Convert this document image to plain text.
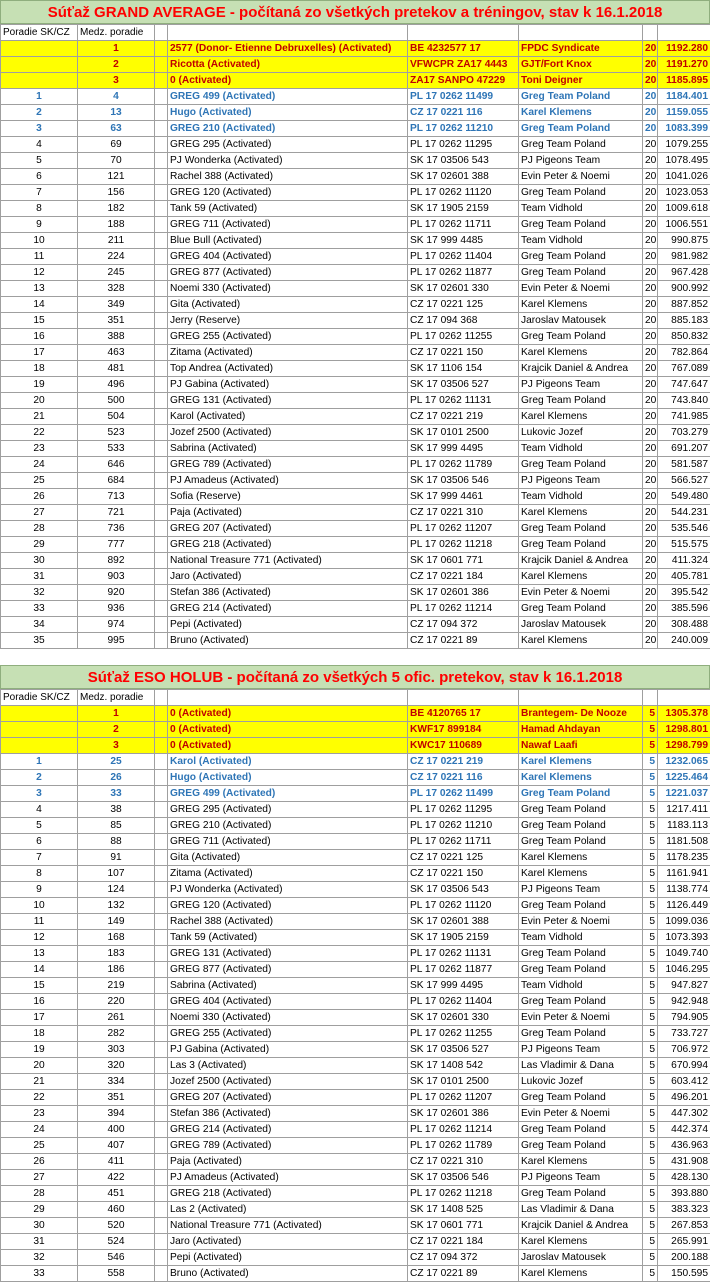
Súťaž GRAND AVERAGE - počítaná zo všetkých pretekov a tréningov, stav k 16.1.2018
Poradie SK/CZ	Medz. poradie						
	1		2577 (Donor- Etienne Debruxelles) (Activated)	BE 4232577 17	FPDC Syndicate	20	1192.280
	2		Ricotta (Activated)	VFWCPR ZA17 4443	GJT/Fort Knox	20	1191.270
	3		0 (Activated)	ZA17 SANPO 47229	Toni Deigner	20	1185.895
1	4		GREG 499 (Activated)	PL 17 0262 11499	Greg Team Poland	20	1184.401
2	13		Hugo (Activated)	CZ 17 0221 116	Karel Klemens	20	1159.055
3	63		GREG 210 (Activated)	PL 17 0262 11210	Greg Team Poland	20	1083.399
4	69		GREG 295 (Activated)	PL 17 0262 11295	Greg Team Poland	20	1079.255
5	70		PJ Wonderka (Activated)	SK 17 03506 543	PJ Pigeons Team	20	1078.495
6	121		Rachel 388 (Activated)	SK 17 02601 388	Evin Peter & Noemi	20	1041.026
7	156		GREG 120 (Activated)	PL 17 0262 11120	Greg Team Poland	20	1023.053
8	182		Tank 59 (Activated)	SK 17 1905 2159	Team Vidhold	20	1009.618
9	188		GREG 711 (Activated)	PL 17 0262 11711	Greg Team Poland	20	1006.551
10	211		Blue Bull (Activated)	SK 17 999 4485	Team Vidhold	20	990.875
11	224		GREG 404 (Activated)	PL 17 0262 11404	Greg Team Poland	20	981.982
12	245		GREG 877 (Activated)	PL 17 0262 11877	Greg Team Poland	20	967.428
13	328		Noemi 330 (Activated)	SK 17 02601 330	Evin Peter & Noemi	20	900.992
14	349		Gita (Activated)	CZ 17 0221 125	Karel Klemens	20	887.852
15	351		Jerry (Reserve)	CZ 17 094 368	Jaroslav Matousek	20	885.183
16	388		GREG 255 (Activated)	PL 17 0262 11255	Greg Team Poland	20	850.832
17	463		Zitama (Activated)	CZ 17 0221 150	Karel Klemens	20	782.864
18	481		Top Andrea (Activated)	SK 17 1106 154	Krajcik Daniel & Andrea	20	767.089
19	496		PJ Gabina (Activated)	SK 17 03506 527	PJ Pigeons Team	20	747.647
20	500		GREG 131 (Activated)	PL 17 0262 11131	Greg Team Poland	20	743.840
21	504		Karol (Activated)	CZ 17 0221 219	Karel Klemens	20	741.985
22	523		Jozef 2500 (Activated)	SK 17 0101 2500	Lukovic Jozef	20	703.279
23	533		Sabrina (Activated)	SK 17 999 4495	Team Vidhold	20	691.207
24	646		GREG 789 (Activated)	PL 17 0262 11789	Greg Team Poland	20	581.587
25	684		PJ Amadeus (Activated)	SK 17 03506 546	PJ Pigeons Team	20	566.527
26	713		Sofia (Reserve)	SK 17 999 4461	Team Vidhold	20	549.480
27	721		Paja (Activated)	CZ 17 0221 310	Karel Klemens	20	544.231
28	736		GREG 207 (Activated)	PL 17 0262 11207	Greg Team Poland	20	535.546
29	777		GREG 218 (Activated)	PL 17 0262 11218	Greg Team Poland	20	515.575
30	892		National Treasure 771 (Activated)	SK 17 0601 771	Krajcik Daniel & Andrea	20	411.324
31	903		Jaro (Activated)	CZ 17 0221 184	Karel Klemens	20	405.781
32	920		Stefan 386 (Activated)	SK 17 02601 386	Evin Peter & Noemi	20	395.542
33	936		GREG 214 (Activated)	PL 17 0262 11214	Greg Team Poland	20	385.596
34	974		Pepi (Activated)	CZ 17 094 372	Jaroslav Matousek	20	308.488
35	995		Bruno (Activated)	CZ 17 0221 89	Karel Klemens	20	240.009
Súťaž ESO HOLUB - počítaná zo všetkých 5 ofic. pretekov, stav k 16.1.2018
Poradie SK/CZ	Medz. poradie						
	1		0 (Activated)	BE 4120765 17	Brantegem- De Nooze	5	1305.378
	2		0 (Activated)	KWF17 899184	Hamad Ahdayan	5	1298.801
	3		0 (Activated)	KWC17 110689	Nawaf Laafi	5	1298.799
1	25		Karol (Activated)	CZ 17 0221 219	Karel Klemens	5	1232.065
2	26		Hugo (Activated)	CZ 17 0221 116	Karel Klemens	5	1225.464
3	33		GREG 499 (Activated)	PL 17 0262 11499	Greg Team Poland	5	1221.037
4	38		GREG 295 (Activated)	PL 17 0262 11295	Greg Team Poland	5	1217.411
5	85		GREG 210 (Activated)	PL 17 0262 11210	Greg Team Poland	5	1183.113
6	88		GREG 711 (Activated)	PL 17 0262 11711	Greg Team Poland	5	1181.508
7	91		Gita (Activated)	CZ 17 0221 125	Karel Klemens	5	1178.235
8	107		Zitama (Activated)	CZ 17 0221 150	Karel Klemens	5	1161.941
9	124		PJ Wonderka (Activated)	SK 17 03506 543	PJ Pigeons Team	5	1138.774
10	132		GREG 120 (Activated)	PL 17 0262 11120	Greg Team Poland	5	1126.449
11	149		Rachel 388 (Activated)	SK 17 02601 388	Evin Peter & Noemi	5	1099.036
12	168		Tank 59 (Activated)	SK 17 1905 2159	Team Vidhold	5	1073.393
13	183		GREG 131 (Activated)	PL 17 0262 11131	Greg Team Poland	5	1049.740
14	186		GREG 877 (Activated)	PL 17 0262 11877	Greg Team Poland	5	1046.295
15	219		Sabrina (Activated)	SK 17 999 4495	Team Vidhold	5	947.827
16	220		GREG 404 (Activated)	PL 17 0262 11404	Greg Team Poland	5	942.948
17	261		Noemi 330 (Activated)	SK 17 02601 330	Evin Peter & Noemi	5	794.905
18	282		GREG 255 (Activated)	PL 17 0262 11255	Greg Team Poland	5	733.727
19	303		PJ Gabina (Activated)	SK 17 03506 527	PJ Pigeons Team	5	706.972
20	320		Las 3 (Activated)	SK 17 1408 542	Las Vladimir & Dana	5	670.994
21	334		Jozef 2500 (Activated)	SK 17 0101 2500	Lukovic Jozef	5	603.412
22	351		GREG 207 (Activated)	PL 17 0262 11207	Greg Team Poland	5	496.201
23	394		Stefan 386 (Activated)	SK 17 02601 386	Evin Peter & Noemi	5	447.302
24	400		GREG 214 (Activated)	PL 17 0262 11214	Greg Team Poland	5	442.374
25	407		GREG 789 (Activated)	PL 17 0262 11789	Greg Team Poland	5	436.963
26	411		Paja (Activated)	CZ 17 0221 310	Karel Klemens	5	431.908
27	422		PJ Amadeus (Activated)	SK 17 03506 546	PJ Pigeons Team	5	428.130
28	451		GREG 218 (Activated)	PL 17 0262 11218	Greg Team Poland	5	393.880
29	460		Las 2 (Activated)	SK 17 1408 525	Las Vladimir & Dana	5	383.323
30	520		National Treasure 771 (Activated)	SK 17 0601 771	Krajcik Daniel & Andrea	5	267.853
31	524		Jaro (Activated)	CZ 17 0221 184	Karel Klemens	5	265.991
32	546		Pepi (Activated)	CZ 17 094 372	Jaroslav Matousek	5	200.188
33	558		Bruno (Activated)	CZ 17 0221 89	Karel Klemens	5	150.595
